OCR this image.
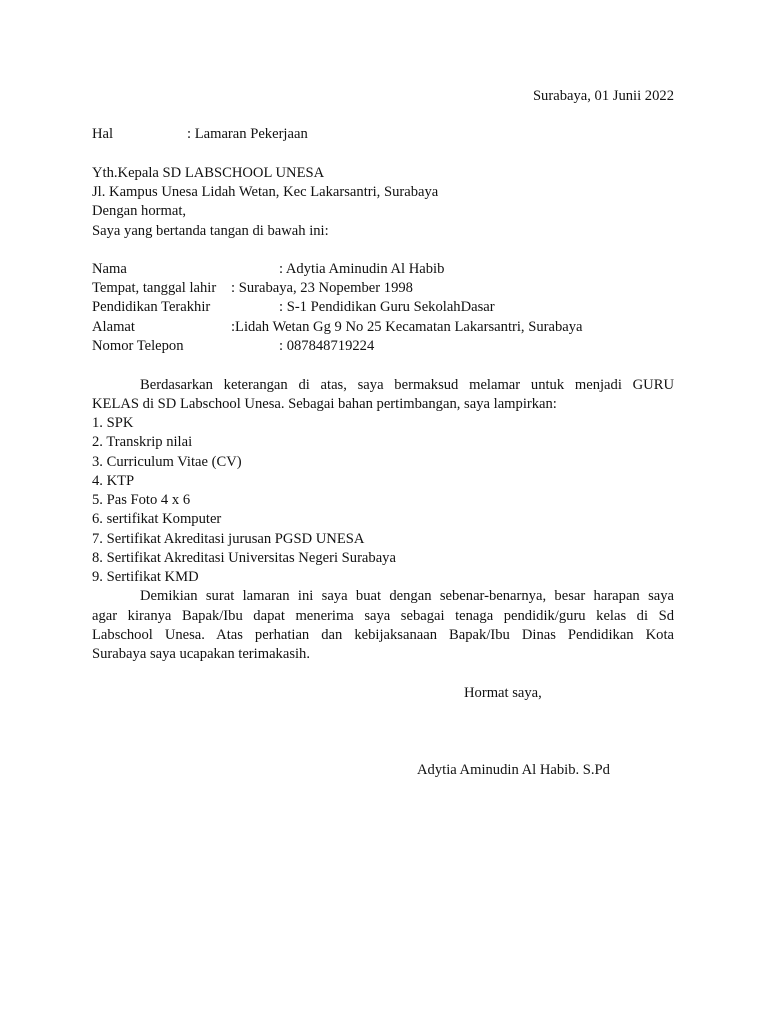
Surabaya, 01 Junii 2022
Hal	: Lamaran Pekerjaan
Yth.Kepala SD LABSCHOOL UNESA
Jl. Kampus Unesa Lidah Wetan, Kec Lakarsantri, Surabaya
Dengan hormat,
Saya yang bertanda tangan di bawah ini:
Nama	: Adytia Aminudin Al Habib
Tempat, tanggal lahir : Surabaya, 23 Nopember 1998
Pendidikan Terakhir	: S-1 Pendidikan Guru SekolahDasar
Alamat	:Lidah Wetan Gg 9 No 25 Kecamatan Lakarsantri, Surabaya
Nomor Telepon	: 087848719224
Berdasarkan keterangan di atas, saya bermaksud melamar untuk menjadi GURU
KELAS di SD Labschool Unesa. Sebagai bahan pertimbangan, saya lampirkan:
1. SPK
2. Transkrip nilai
3. Curriculum Vitae (CV)
4. KTP
5. Pas Foto 4 x 6
6. sertifikat Komputer
7. Sertifikat Akreditasi jurusan PGSD UNESA
8. Sertifikat Akreditasi Universitas Negeri Surabaya
9. Sertifikat KMD
Demikian surat lamaran ini saya buat dengan sebenar-benarnya, besar harapan saya
agar kiranya Bapak/Ibu dapat menerima saya sebagai tenaga pendidik/guru kelas di Sd
Labschool Unesa. Atas perhatian dan kebijaksanaan Bapak/Ibu Dinas Pendidikan Kota
Surabaya saya ucapakan terimakasih.
Hormat saya,
Adytia Aminudin Al Habib. S.Pd
